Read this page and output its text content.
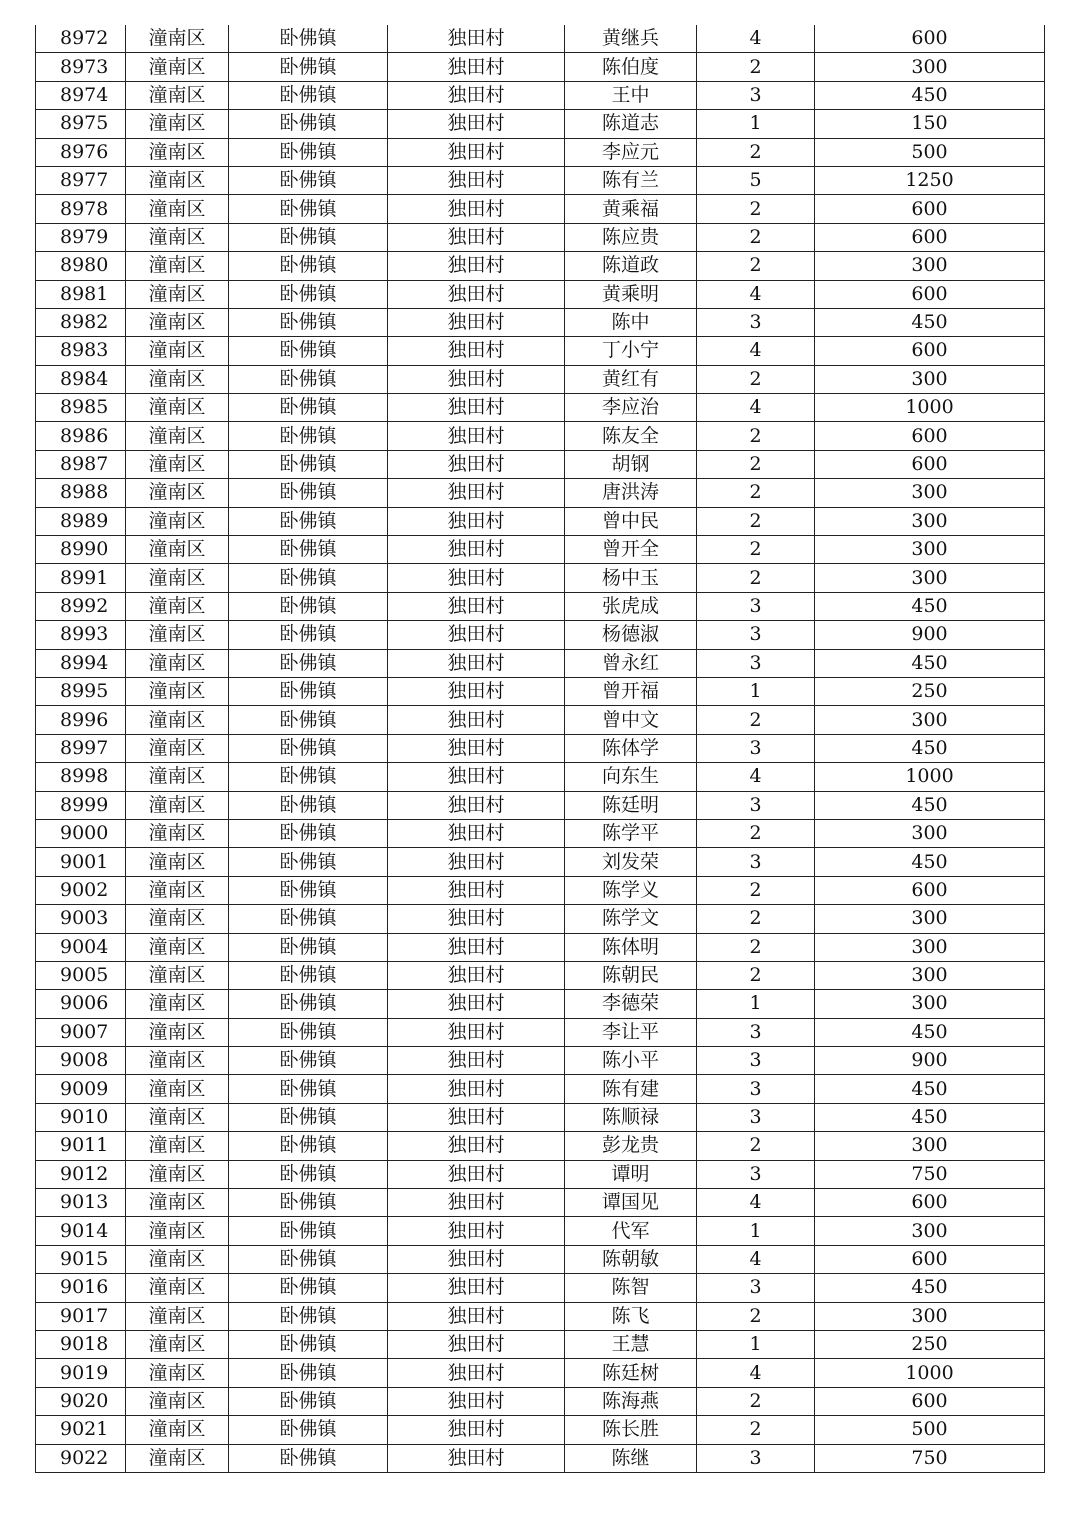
8972	潼南区	卧佛镇	独田村	黄继兵	4	600
8973	潼南区	卧佛镇	独田村	陈伯度	2	300
8974	潼南区	卧佛镇	独田村	王中	3	450
8975	潼南区	卧佛镇	独田村	陈道志	1	150
8976	潼南区	卧佛镇	独田村	李应元	2	500
8977	潼南区	卧佛镇	独田村	陈有兰	5	1250
8978	潼南区	卧佛镇	独田村	黄乘福	2	600
8979	潼南区	卧佛镇	独田村	陈应贵	2	600
8980	潼南区	卧佛镇	独田村	陈道政	2	300
8981	潼南区	卧佛镇	独田村	黄乘明	4	600
8982	潼南区	卧佛镇	独田村	陈中	3	450
8983	潼南区	卧佛镇	独田村	丁小宁	4	600
8984	潼南区	卧佛镇	独田村	黄红有	2	300
8985	潼南区	卧佛镇	独田村	李应治	4	1000
8986	潼南区	卧佛镇	独田村	陈友全	2	600
8987	潼南区	卧佛镇	独田村	胡钢	2	600
8988	潼南区	卧佛镇	独田村	唐洪涛	2	300
8989	潼南区	卧佛镇	独田村	曾中民	2	300
8990	潼南区	卧佛镇	独田村	曾开全	2	300
8991	潼南区	卧佛镇	独田村	杨中玉	2	300
8992	潼南区	卧佛镇	独田村	张虎成	3	450
8993	潼南区	卧佛镇	独田村	杨德淑	3	900
8994	潼南区	卧佛镇	独田村	曾永红	3	450
8995	潼南区	卧佛镇	独田村	曾开福	1	250
8996	潼南区	卧佛镇	独田村	曾中文	2	300
8997	潼南区	卧佛镇	独田村	陈体学	3	450
8998	潼南区	卧佛镇	独田村	向东生	4	1000
8999	潼南区	卧佛镇	独田村	陈廷明	3	450
9000	潼南区	卧佛镇	独田村	陈学平	2	300
9001	潼南区	卧佛镇	独田村	刘发荣	3	450
9002	潼南区	卧佛镇	独田村	陈学义	2	600
9003	潼南区	卧佛镇	独田村	陈学文	2	300
9004	潼南区	卧佛镇	独田村	陈体明	2	300
9005	潼南区	卧佛镇	独田村	陈朝民	2	300
9006	潼南区	卧佛镇	独田村	李德荣	1	300
9007	潼南区	卧佛镇	独田村	李让平	3	450
9008	潼南区	卧佛镇	独田村	陈小平	3	900
9009	潼南区	卧佛镇	独田村	陈有建	3	450
9010	潼南区	卧佛镇	独田村	陈顺禄	3	450
9011	潼南区	卧佛镇	独田村	彭龙贵	2	300
9012	潼南区	卧佛镇	独田村	谭明	3	750
9013	潼南区	卧佛镇	独田村	谭国见	4	600
9014	潼南区	卧佛镇	独田村	代军	1	300
9015	潼南区	卧佛镇	独田村	陈朝敏	4	600
9016	潼南区	卧佛镇	独田村	陈智	3	450
9017	潼南区	卧佛镇	独田村	陈飞	2	300
9018	潼南区	卧佛镇	独田村	王慧	1	250
9019	潼南区	卧佛镇	独田村	陈廷树	4	1000
9020	潼南区	卧佛镇	独田村	陈海燕	2	600
9021	潼南区	卧佛镇	独田村	陈长胜	2	500
9022	潼南区	卧佛镇	独田村	陈继	3	750
